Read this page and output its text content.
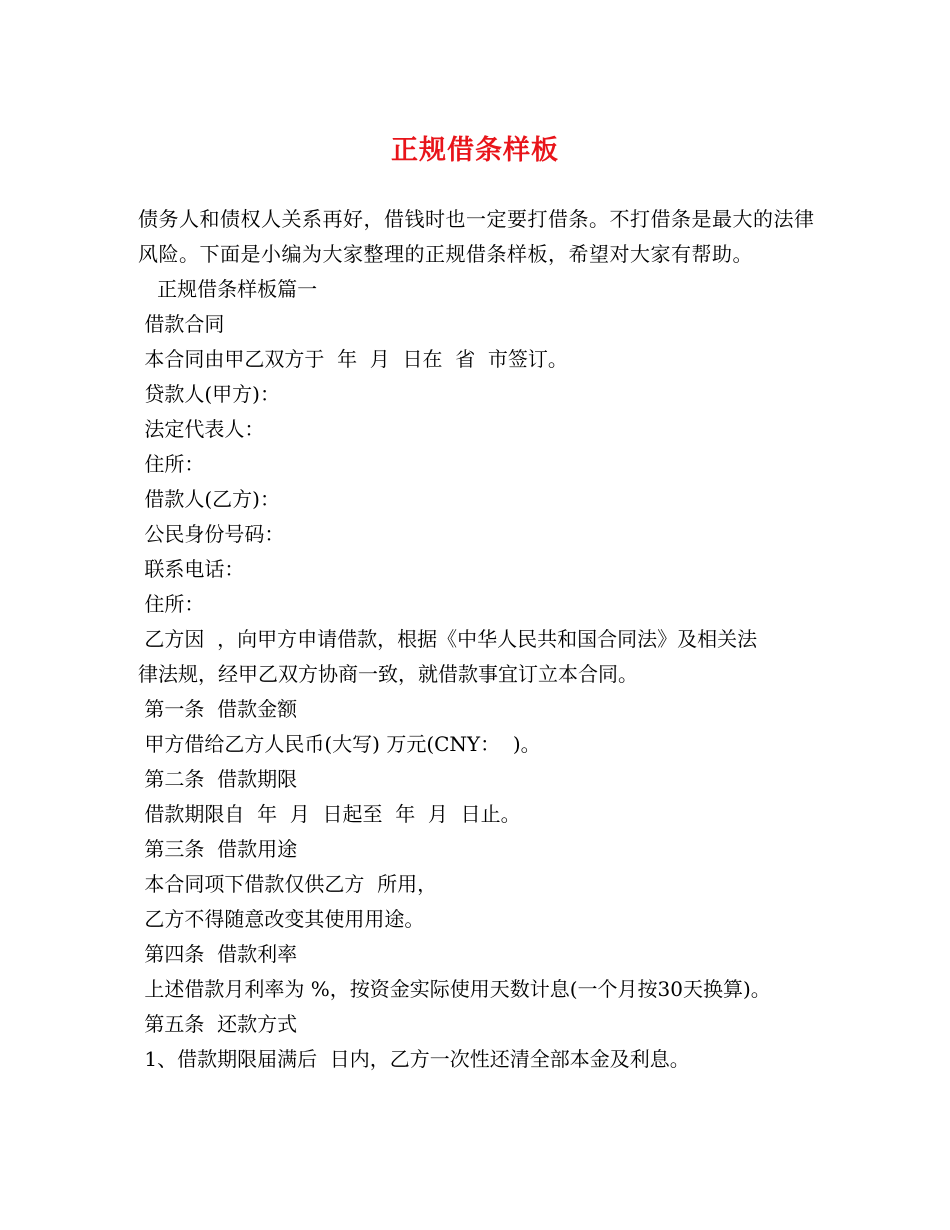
正规借条样板

债务人和债权人关系再好，借钱时也一定要打借条。不打借条是最大的法律风险。下面是小编为大家整理的正规借条样板，希望对大家有帮助。

正规借条样板篇一

借款合同

本合同由甲乙双方于  年  月  日在  省  市签订。

贷款人(甲方)：

法定代表人：

住所：

借款人(乙方)：

公民身份号码：

联系电话：

住所：

乙方因  ，向甲方申请借款，根据《中华人民共和国合同法》及相关法

律法规，经甲乙双方协商一致，就借款事宜订立本合同。

第一条  借款金额

甲方借给乙方人民币(大写) 万元(CNY：  )。

第二条  借款期限

借款期限自  年  月  日起至  年  月  日止。

第三条  借款用途

本合同项下借款仅供乙方  所用，

乙方不得随意改变其使用用途。

第四条  借款利率

上述借款月利率为 %，按资金实际使用天数计息(一个月按30天换算)。

第五条  还款方式

1、借款期限届满后  日内，乙方一次性还清全部本金及利息。
